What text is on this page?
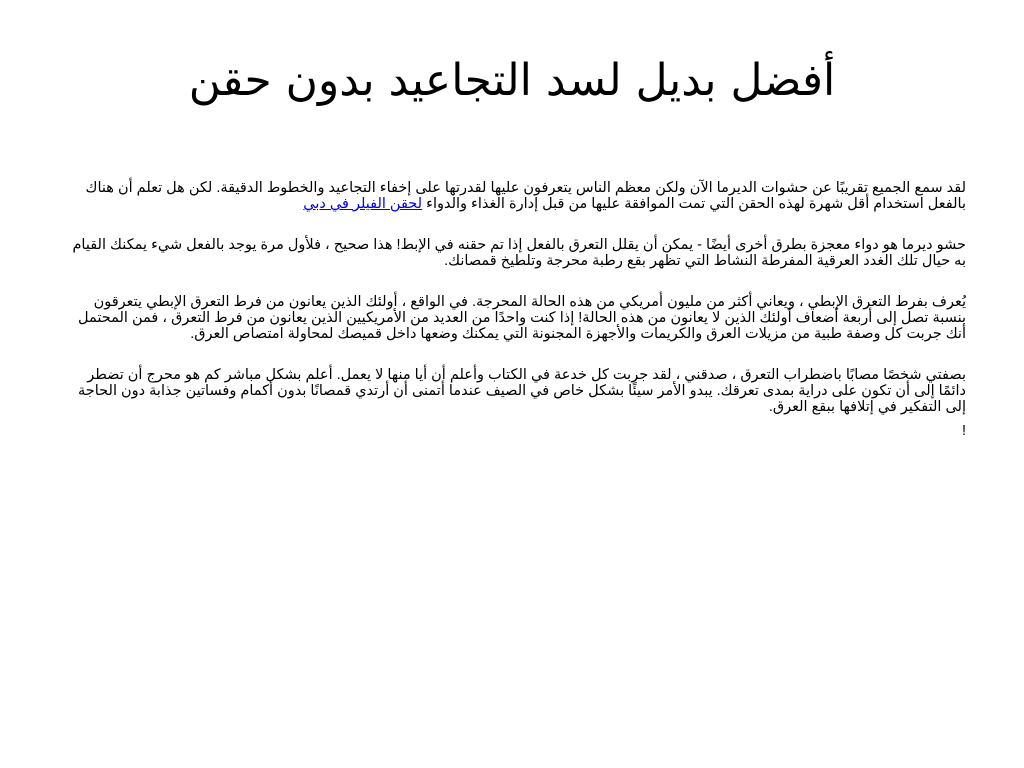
أفضل بديل لسد التجاعيد بدون حقن

لقد سمع الجميع تقريبًا عن حشوات الديرما الآن ولكن معظم الناس يتعرفون عليها لقدرتها على إخفاء التجاعيد والخطوط الدقيقة. لكن هل تعلم أن هناك بالفعل استخدام أقل شهرة لهذه الحقن التي تمت الموافقة عليها من قبل إدارة الغذاء والدواء لحقن الفيلر في دبي

حشو ديرما هو دواء معجزة بطرق أخرى أيضًا - يمكن أن يقلل التعرق بالفعل إذا تم حقنه في الإبط! هذا صحيح ، فلأول مرة يوجد بالفعل شيء يمكنك القيام به حيال تلك الغدد العرقية المفرطة النشاط التي تظهر بقع رطبة محرجة وتلطيخ قمصانك.

يُعرف بفرط التعرق الإبطي ، ويعاني أكثر من مليون أمريكي من هذه الحالة المحرجة. في الواقع ، أولئك الذين يعانون من فرط التعرق الإبطي يتعرقون بنسبة تصل إلى أربعة أضعاف أولئك الذين لا يعانون من هذه الحالة! إذا كنت واحدًا من العديد من الأمريكيين الذين يعانون من فرط التعرق ، فمن المحتمل أنك جربت كل وصفة طبية من مزيلات العرق والكريمات والأجهزة المجنونة التي يمكنك وضعها داخل قميصك لمحاولة امتصاص العرق.

بصفتي شخصًا مصابًا باضطراب التعرق ، صدقني ، لقد جربت كل خدعة في الكتاب وأعلم أن أيا منها لا يعمل. أعلم بشكل مباشر كم هو محرج أن تضطر دائمًا إلى أن تكون على دراية بمدى تعرقك. يبدو الأمر سيئًا بشكل خاص في الصيف عندما أتمنى أن أرتدي قمصانًا بدون أكمام وفساتين جذابة دون الحاجة إلى التفكير في إتلافها ببقع العرق.

!
